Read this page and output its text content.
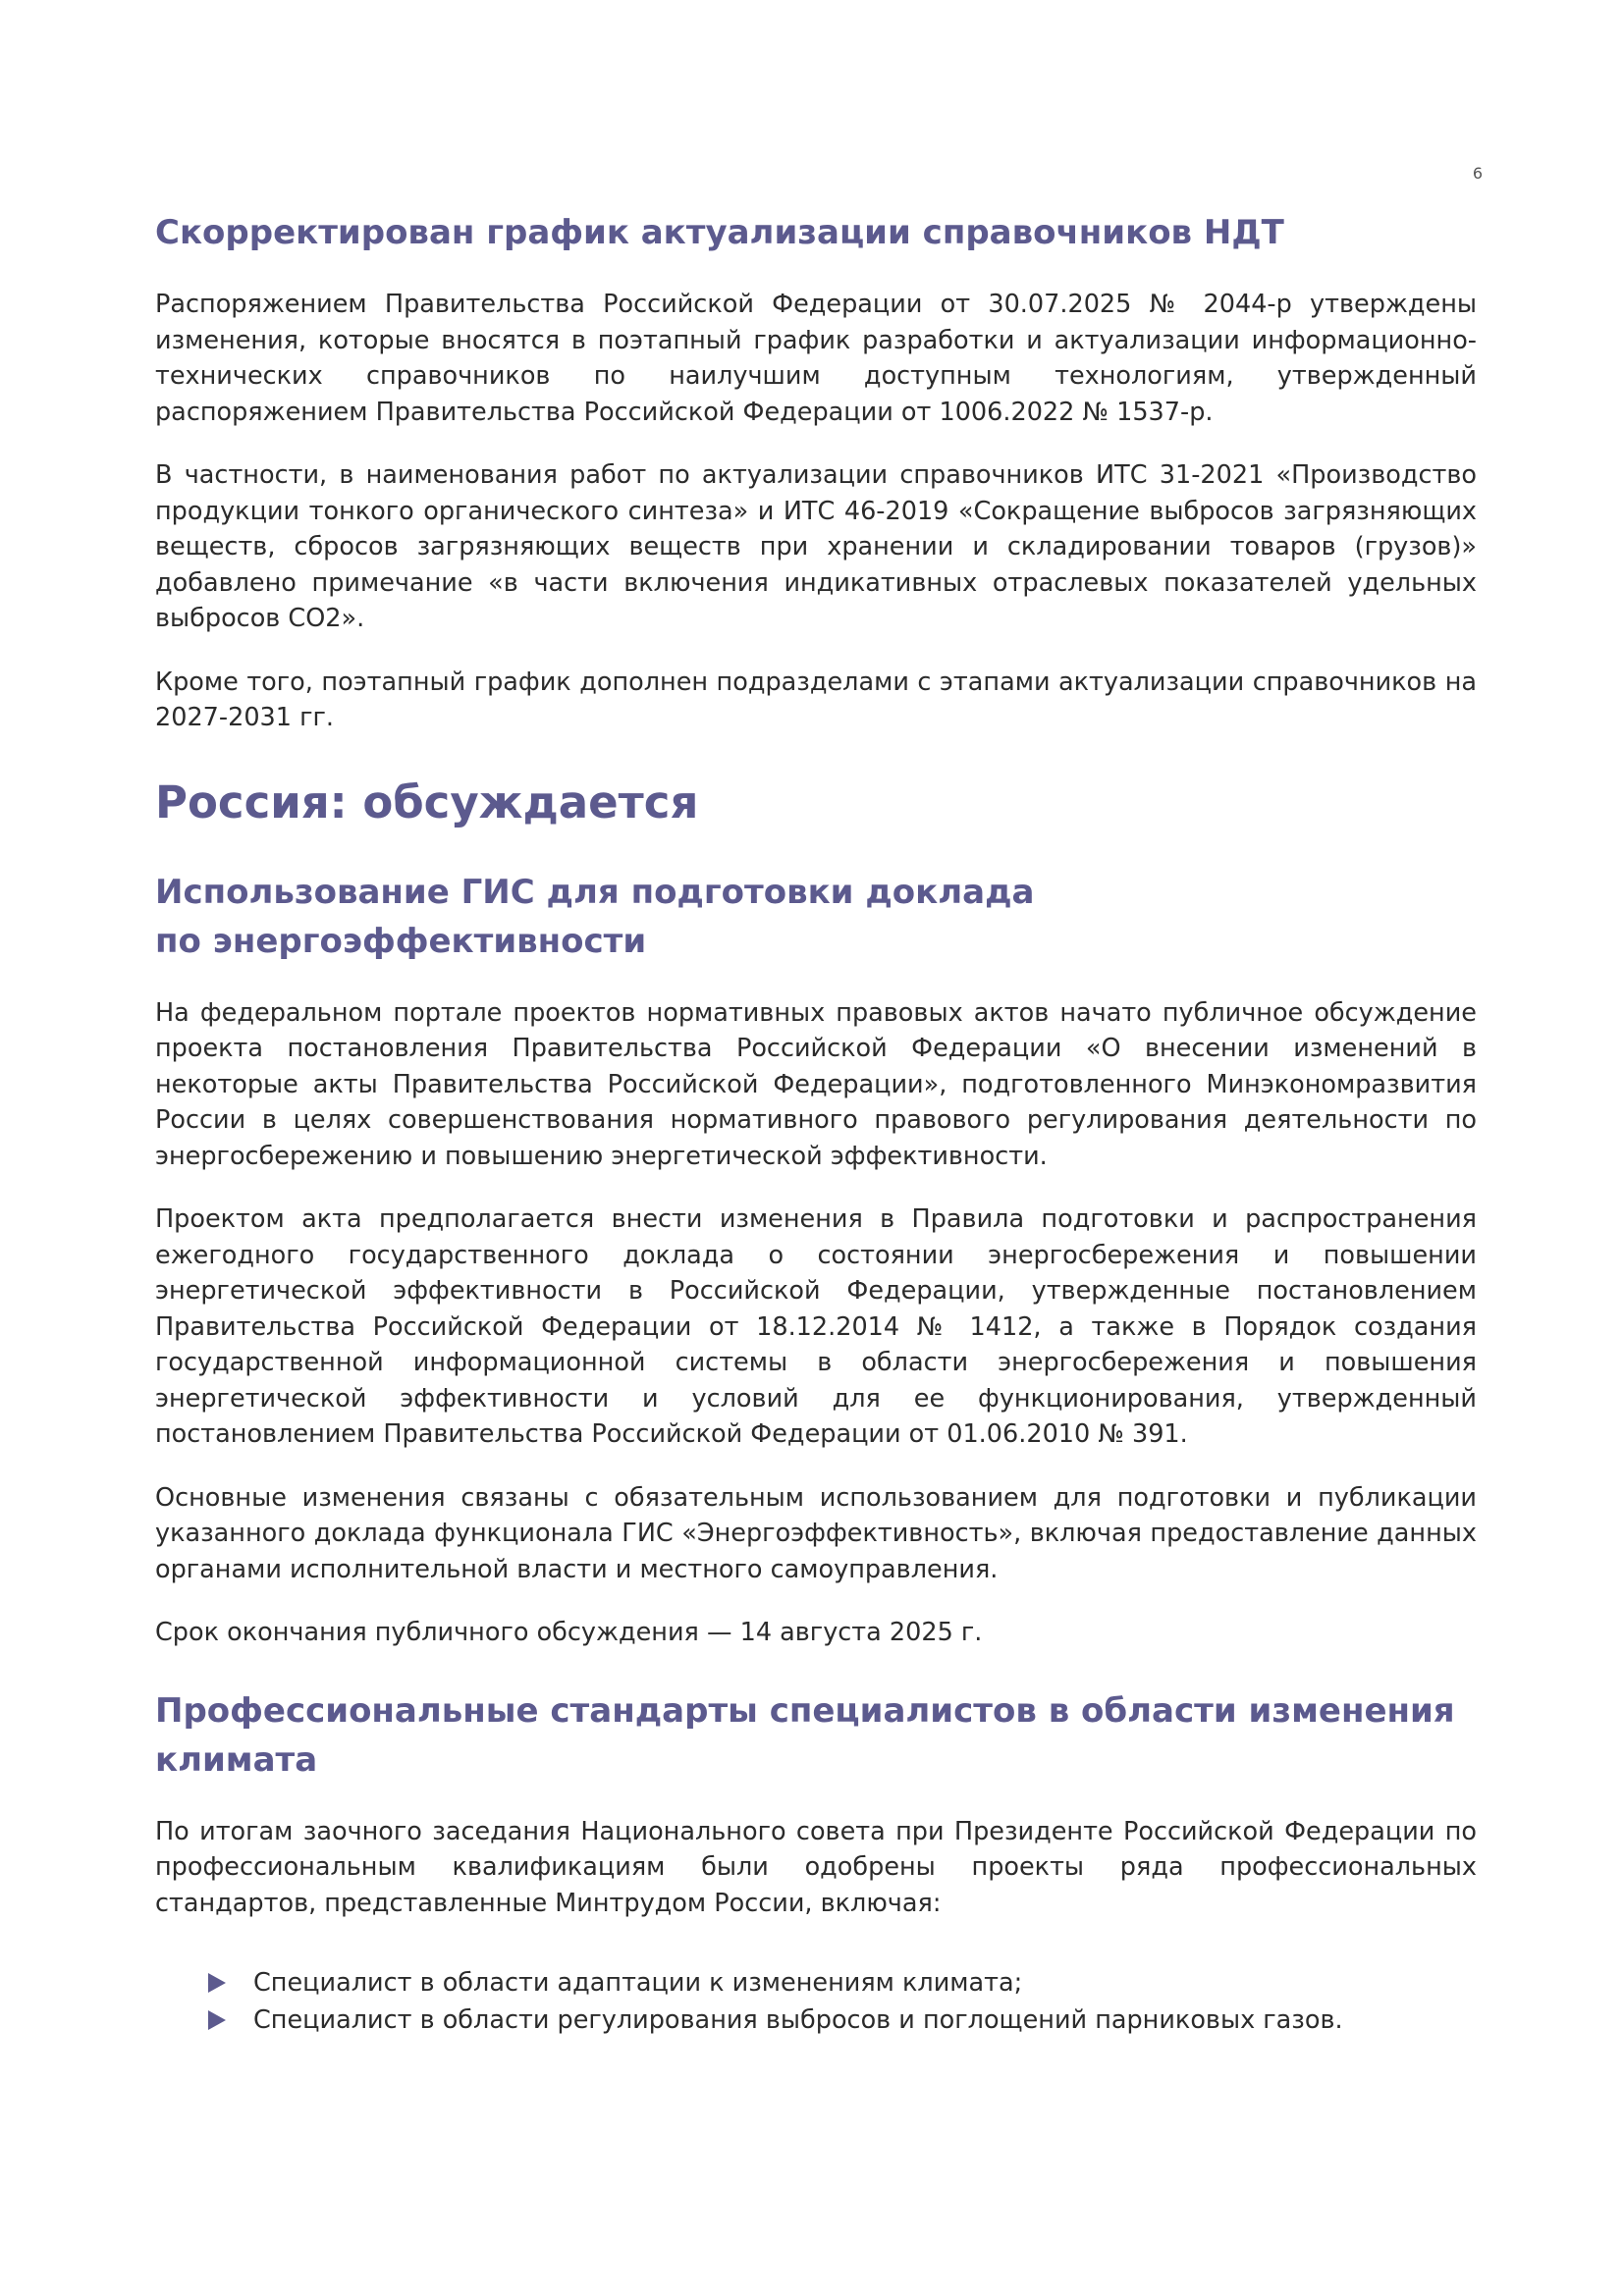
6
Скорректирован график актуализации справочников НДТ

Распоряжением Правительства Российской Федерации от 30.07.2025 № 2044-р утверждены изменения, которые вносятся в поэтапный график разработки и актуализации информационно-технических справочников по наилучшим доступным технологиям, утвержденный распоряжением Правительства Российской Федерации от 1006.2022 № 1537-р.

В частности, в наименования работ по актуализации справочников ИТС 31-2021 «Производство продукции тонкого органического синтеза» и ИТС 46-2019 «Сокращение выбросов загрязняющих веществ, сбросов загрязняющих веществ при хранении и складировании товаров (грузов)» добавлено примечание «в части включения индикативных отраслевых показателей удельных выбросов CO2».

Кроме того, поэтапный график дополнен подразделами с этапами актуализации справочников на 2027-2031 гг.

Россия: обсуждается
Использование ГИС для подготовки доклада
по энергоэффективности

На федеральном портале проектов нормативных правовых актов начато публичное обсуждение проекта постановления Правительства Российской Федерации «О внесении изменений в некоторые акты Правительства Российской Федерации», подготовленного Минэкономразвития России в целях совершенствования нормативного правового регулирования деятельности по энергосбережению и повышению энергетической эффективности.

Проектом акта предполагается внести изменения в Правила подготовки и распространения ежегодного государственного доклада о состоянии энергосбережения и повышении энергетической эффективности в Российской Федерации, утвержденные постановлением Правительства Российской Федерации от 18.12.2014 № 1412, а также в Порядок создания государственной информационной системы в области энергосбережения и повышения энергетической эффективности и условий для ее функционирования, утвержденный постановлением Правительства Российской Федерации от 01.06.2010 № 391.

Основные изменения связаны с обязательным использованием для подготовки и публикации указанного доклада функционала ГИС «Энергоэффективность», включая предоставление данных органами исполнительной власти и местного самоуправления.

Срок окончания публичного обсуждения — 14 августа 2025 г.

Профессиональные стандарты специалистов в области изменения
климата

По итогам заочного заседания Национального совета при Президенте Российской Федерации по профессиональным квалификациям были одобрены проекты ряда профессиональных стандартов, представленные Минтрудом России, включая:

Специалист в области адаптации к изменениям климата;
Специалист в области регулирования выбросов и поглощений парниковых газов.
